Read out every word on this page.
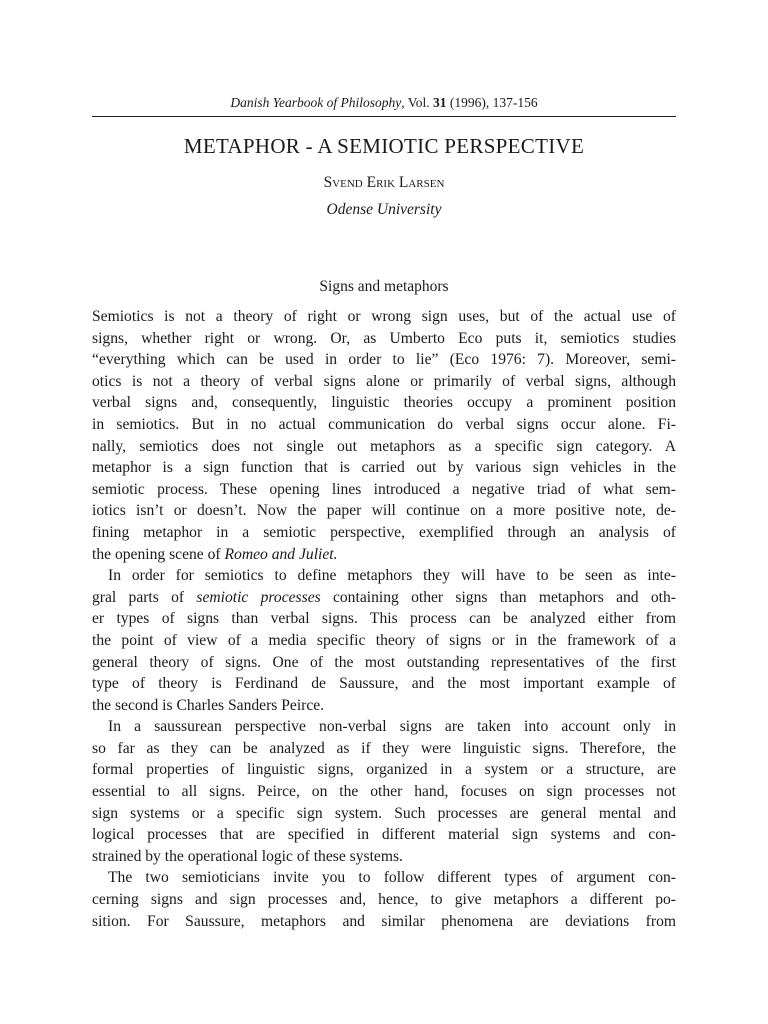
Danish Yearbook of Philosophy, Vol. 31 (1996), 137-156
METAPHOR - A SEMIOTIC PERSPECTIVE
Svend Erik Larsen
Odense University
Signs and metaphors
Semiotics is not a theory of right or wrong sign uses, but of the actual use of
signs, whether right or wrong. Or, as Umberto Eco puts it, semiotics studies
“everything which can be used in order to lie” (Eco 1976: 7). Moreover, semi-
otics is not a theory of verbal signs alone or primarily of verbal signs, although
verbal signs and, consequently, linguistic theories occupy a prominent position
in semiotics. But in no actual communication do verbal signs occur alone. Fi-
nally, semiotics does not single out metaphors as a specific sign category. A
metaphor is a sign function that is carried out by various sign vehicles in the
semiotic process. These opening lines introduced a negative triad of what sem-
iotics isn’t or doesn’t. Now the paper will continue on a more positive note, de-
fining metaphor in a semiotic perspective, exemplified through an analysis of
the opening scene of Romeo and Juliet.
In order for semiotics to define metaphors they will have to be seen as inte-
gral parts of semiotic processes containing other signs than metaphors and oth-
er types of signs than verbal signs. This process can be analyzed either from
the point of view of a media specific theory of signs or in the framework of a
general theory of signs. One of the most outstanding representatives of the first
type of theory is Ferdinand de Saussure, and the most important example of
the second is Charles Sanders Peirce.
In a saussurean perspective non-verbal signs are taken into account only in
so far as they can be analyzed as if they were linguistic signs. Therefore, the
formal properties of linguistic signs, organized in a system or a structure, are
essential to all signs. Peirce, on the other hand, focuses on sign processes not
sign systems or a specific sign system. Such processes are general mental and
logical processes that are specified in different material sign systems and con-
strained by the operational logic of these systems.
The two semioticians invite you to follow different types of argument con-
cerning signs and sign processes and, hence, to give metaphors a different po-
sition. For Saussure, metaphors and similar phenomena are deviations from
